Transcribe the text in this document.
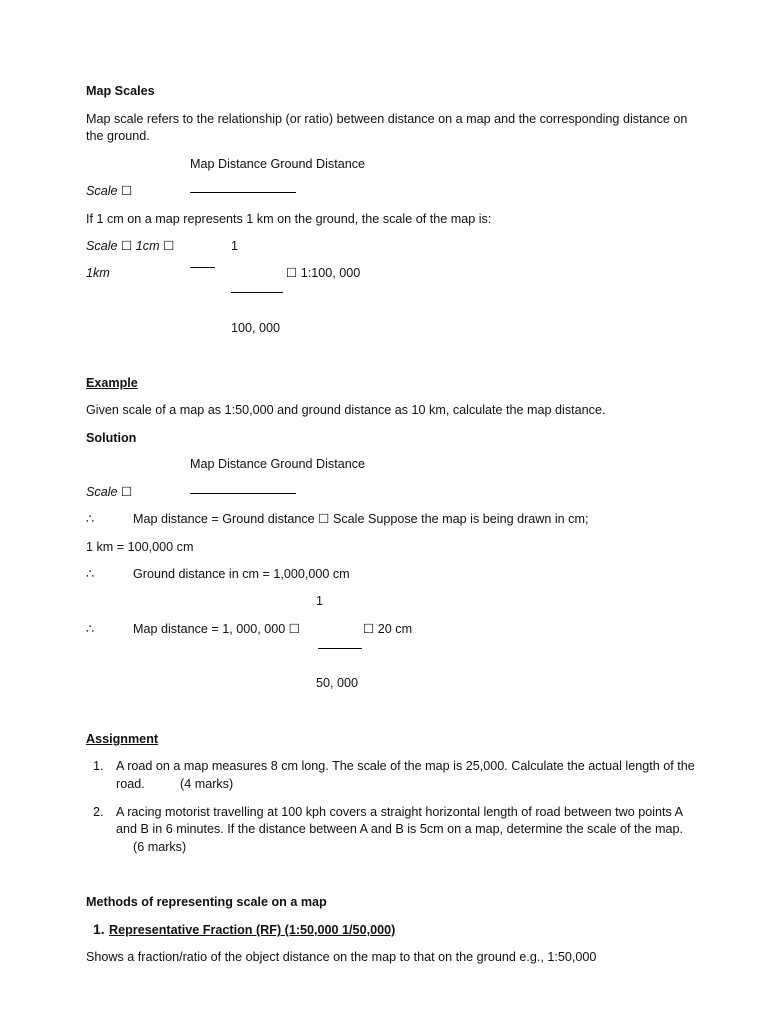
Map Scales
Map scale refers to the relationship (or ratio) between distance on a map and the corresponding distance on
the ground.
Map Distance Ground Distance
Scale ☐
If 1 cm on a map represents 1 km on the ground, the scale of the map is:
Scale ☐ 1cm ☐	1
1km	☐ 1:100, 000
100, 000
Example
Given scale of a map as 1:50,000 and ground distance as 10 km, calculate the map distance.
Solution
Map Distance Ground Distance
Scale ☐
∴	Map distance = Ground distance ☐ Scale Suppose the map is being drawn in cm;
1 km = 100,000 cm
∴	Ground distance in cm = 1,000,000 cm
1
∴	Map distance = 1, 000, 000 ☐	☐ 20 cm
50, 000
Assignment
1. A road on a map measures 8 cm long. The scale of the map is 25,000. Calculate the actual length of the
road.	(4 marks)
2. A racing motorist travelling at 100 kph covers a straight horizontal length of road between two points A
and B in 6 minutes. If the distance between A and B is 5cm on a map, determine the scale of the map.
(6 marks)
Methods of representing scale on a map
1. Representative Fraction (RF) (1:50,000 1/50,000)
Shows a fraction/ratio of the object distance on the map to that on the ground e.g., 1:50,000
